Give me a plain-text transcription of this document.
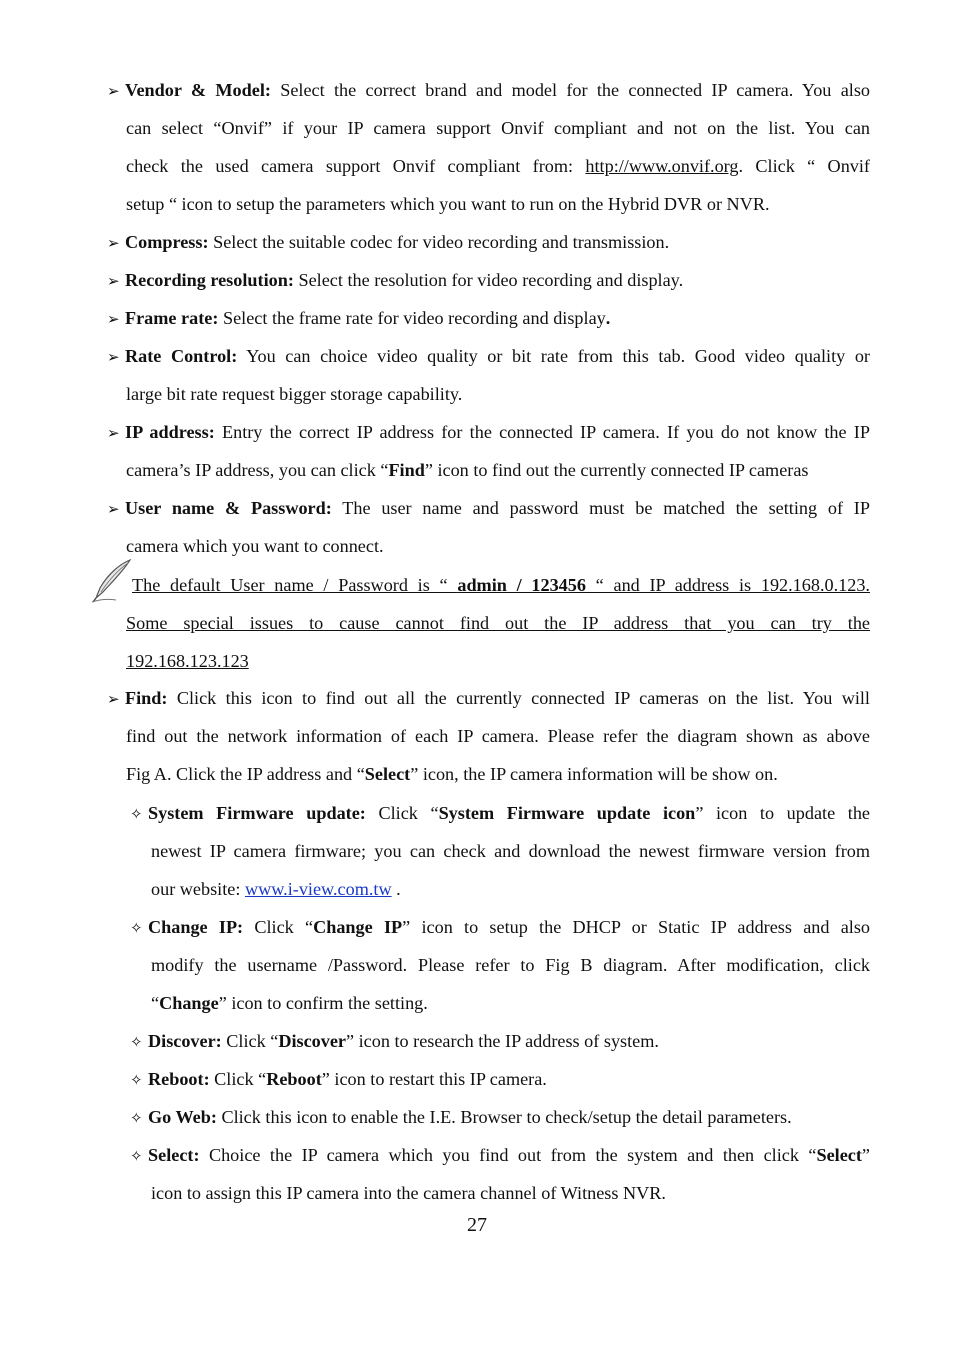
➢ Vendor & Model: Select the correct brand and model for the connected IP camera. You also
can select “Onvif” if your IP camera support Onvif compliant and not on the list. You can
check the used camera support Onvif compliant from: http://www.onvif.org. Click “ Onvif
setup “ icon to setup the parameters which you want to run on the Hybrid DVR or NVR.
➢ Compress: Select the suitable codec for video recording and transmission.
➢ Recording resolution: Select the resolution for video recording and display.
➢ Frame rate: Select the frame rate for video recording and display.
➢ Rate Control: You can choice video quality or bit rate from this tab. Good video quality or
large bit rate request bigger storage capability.
➢ IP address: Entry the correct IP address for the connected IP camera. If you do not know the IP
camera’s IP address, you can click “Find” icon to find out the currently connected IP cameras
➢ User name & Password: The user name and password must be matched the setting of IP
camera which you want to connect.
The default User name / Password is “ admin / 123456 “ and IP address is 192.168.0.123.
Some special issues to cause cannot find out the IP address that you can try the
192.168.123.123
➢ Find: Click this icon to find out all the currently connected IP cameras on the list. You will
find out the network information of each IP camera. Please refer the diagram shown as above
Fig A. Click the IP address and “Select” icon, the IP camera information will be show on.
✧ System Firmware update: Click “System Firmware update icon” icon to update the
newest IP camera firmware; you can check and download the newest firmware version from
our website: www.i-view.com.tw .
✧ Change IP: Click “Change IP” icon to setup the DHCP or Static IP address and also
modify the username /Password. Please refer to Fig B diagram. After modification, click
“Change” icon to confirm the setting.
✧ Discover: Click “Discover” icon to research the IP address of system.
✧ Reboot: Click “Reboot” icon to restart this IP camera.
✧ Go Web: Click this icon to enable the I.E. Browser to check/setup the detail parameters.
✧ Select: Choice the IP camera which you find out from the system and then click “Select”
icon to assign this IP camera into the camera channel of Witness NVR.
27
